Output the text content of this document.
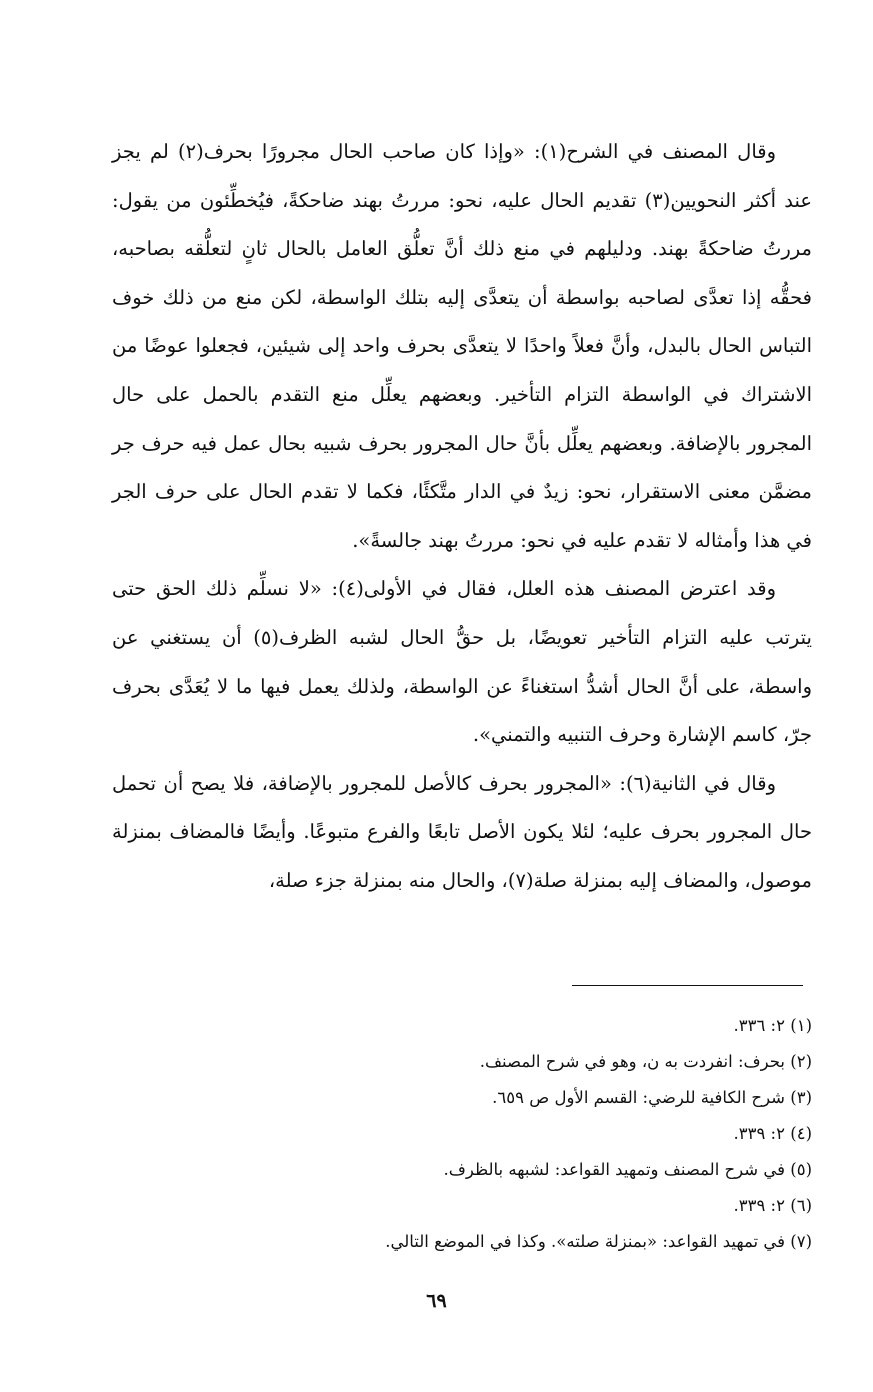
وقال المصنف في الشرح(١): «وإذا كان صاحب الحال مجرورًا بحرف(٢) لم يجز عند أكثر النحويين(٣) تقديم الحال عليه، نحو: مررتُ بهند ضاحكةً، فيُخطِّئون من يقول: مررتُ ضاحكةً بهند. ودليلهم في منع ذلك أنَّ تعلُّق العامل بالحال ثانٍ لتعلُّقه بصاحبه، فحقُّه إذا تعدَّى لصاحبه بواسطة أن يتعدَّى إليه بتلك الواسطة، لكن منع من ذلك خوف التباس الحال بالبدل، وأنَّ فعلاً واحدًا لا يتعدَّى بحرف واحد إلى شيئين، فجعلوا عوضًا من الاشتراك في الواسطة التزام التأخير. وبعضهم يعلِّل منع التقدم بالحمل على حال المجرور بالإضافة. وبعضهم يعلِّل بأنَّ حال المجرور بحرف شبيه بحال عمل فيه حرف جر مضمَّن معنى الاستقرار، نحو: زيدٌ في الدار متَّكئًا، فكما لا تقدم الحال على حرف الجر في هذا وأمثاله لا تقدم عليه في نحو: مررتُ بهند جالسةً».

وقد اعترض المصنف هذه العلل، فقال في الأولى(٤): «لا نسلِّم ذلك الحق حتى يترتب عليه التزام التأخير تعويضًا، بل حقُّ الحال لشبه الظرف(٥) أن يستغني عن واسطة، على أنَّ الحال أشدُّ استغناءً عن الواسطة، ولذلك يعمل فيها ما لا يُعَدَّى بحرف جرّ، كاسم الإشارة وحرف التنبيه والتمني».

وقال في الثانية(٦): «المجرور بحرف كالأصل للمجرور بالإضافة، فلا يصح أن تحمل حال المجرور بحرف عليه؛ لئلا يكون الأصل تابعًا والفرع متبوعًا. وأيضًا فالمضاف بمنزلة موصول، والمضاف إليه بمنزلة صلة(٧)، والحال منه بمنزلة جزء صلة،

(١) ٢: ٣٣٦.
(٢) بحرف: انفردت به ن، وهو في شرح المصنف.
(٣) شرح الكافية للرضي: القسم الأول ص ٦٥٩.
(٤) ٢: ٣٣٩.
(٥) في شرح المصنف وتمهيد القواعد: لشبهه بالظرف.
(٦) ٢: ٣٣٩.
(٧) في تمهيد القواعد: «بمنزلة صلته». وكذا في الموضع التالي.
٦٩
